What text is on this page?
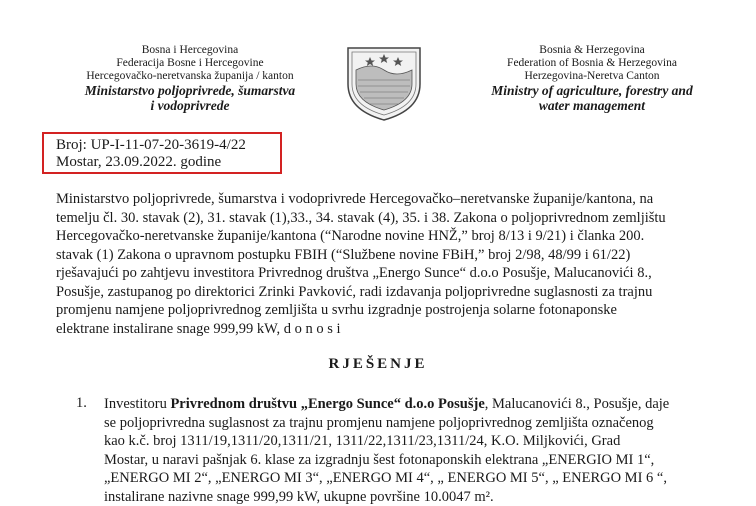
Bosna i Hercegovina
Federacija Bosne i Hercegovine
Hercegovačko-neretvanska županija / kanton
Ministarstvo poljoprivrede, šumarstva
i vodoprivrede
Bosnia & Herzegovina
Federation of Bosnia & Herzegovina
Herzegovina-Neretva Canton
Ministry of agriculture, forestry and
water management
Broj: UP-I-11-07-20-3619-4/22
Mostar, 23.09.2022. godine
Ministarstvo poljoprivrede, šumarstva i vodoprivrede Hercegovačko–neretvanske županije/kantona, na
temelju čl. 30. stavak (2), 31. stavak (1),33., 34. stavak (4), 35. i 38. Zakona o poljoprivrednom zemljištu
Hercegovačko-neretvanske županije/kantona (“Narodne novine HNŽ,” broj 8/13 i 9/21) i članka 200.
stavak (1) Zakona o upravnom postupku FBIH (“Službene novine FBiH,” broj 2/98, 48/99 i 61/22)
rješavajući po zahtjevu investitora Privrednog društva „Energo Sunce“ d.o.o Posušje, Malucanovići 8.,
Posušje, zastupanog po direktorici Zrinki Pavković, radi izdavanja poljoprivredne suglasnosti za trajnu
promjenu namjene poljoprivrednog zemljišta u svrhu izgradnje postrojenja solarne fotonaponske
elektrane instalirane snage 999,99 kW, d o n o s i
RJEŠENJE
1. Investitoru Privrednom društvu „Energo Sunce“ d.o.o Posušje, Malucanovići 8., Posušje, daje
se poljoprivredna suglasnost za trajnu promjenu namjene poljoprivrednog zemljišta označenog
kao k.č. broj 1311/19,1311/20,1311/21, 1311/22,1311/23,1311/24, K.O. Miljkovići, Grad
Mostar, u naravi pašnjak 6. klase za izgradnju šest fotonaponskih elektrana „ENERGIO MI 1“,
„ENERGO MI 2“, „ENERGO MI 3“, „ENERGO MI 4“, „ ENERGO MI 5“, „ ENERGO MI 6 “,
instalirane nazivne snage 999,99 kW, ukupne površine 10.0047 m².
